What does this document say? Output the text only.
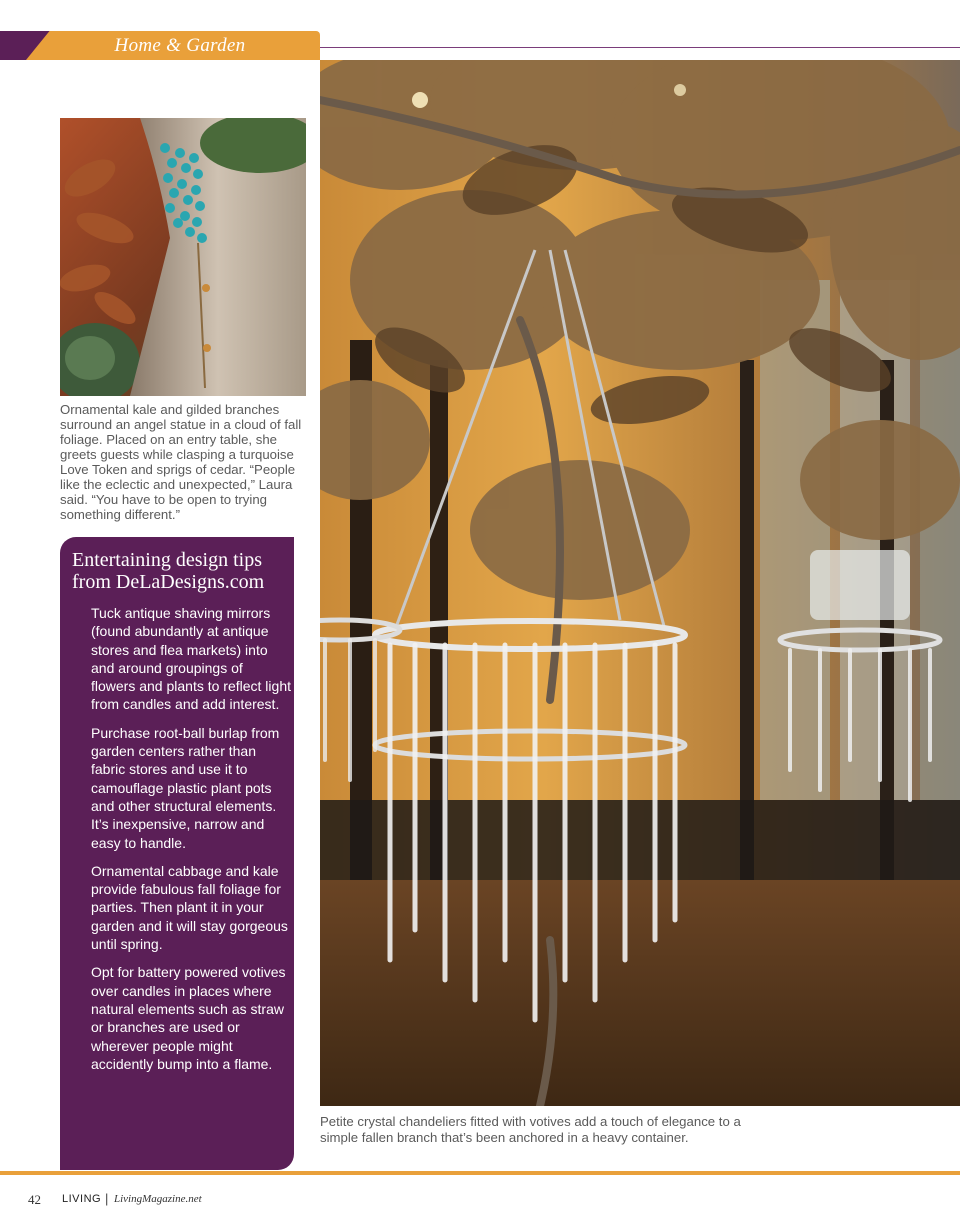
Home & Garden
Ornamental kale and gilded branches surround an angel statue in a cloud of fall foliage. Placed on an entry table, she greets guests while clasping a turquoise Love Token and sprigs of cedar. “People like the eclectic and unexpected,” Laura said. “You have to be open to trying something different.”
Entertaining design tips
from DeLaDesigns.com

Tuck antique shaving mirrors (found abundantly at antique stores and flea markets) into and around groupings of flowers and plants to reflect light from candles and add interest.

Purchase root-ball burlap from garden centers rather than fabric stores and use it to camouflage plastic plant pots and other structural elements. It’s inexpensive, narrow and easy to handle.

Ornamental cabbage and kale provide fabulous fall foliage for parties. Then plant it in your garden and it will stay gorgeous until spring.

Opt for battery powered votives over candles in places where natural elements such as straw or branches are used or wherever people might accidently bump into a flame.

Petite crystal chandeliers fitted with votives add a touch of elegance to a simple fallen branch that’s been anchored in a heavy container.
42 LIVING | LivingMagazine.net
